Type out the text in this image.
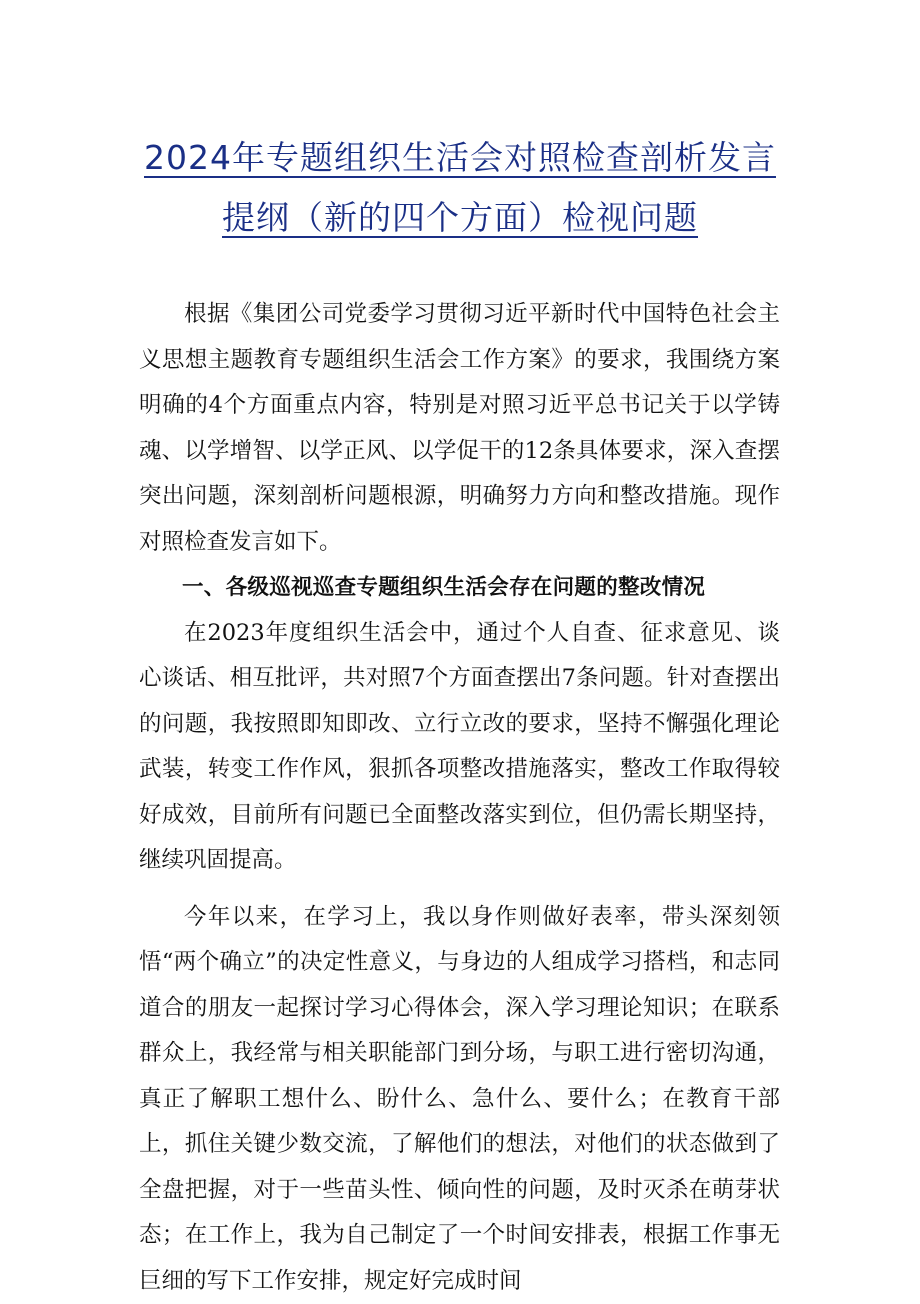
2024年专题组织生活会对照检查剖析发言
提纲（新的四个方面）检视问题

根据《集团公司党委学习贯彻习近平新时代中国特色社会主义思想主题教育专题组织生活会工作方案》的要求，我围绕方案明确的4个方面重点内容，特别是对照习近平总书记关于以学铸魂、以学增智、以学正风、以学促干的12条具体要求，深入查摆突出问题，深刻剖析问题根源，明确努力方向和整改措施。现作对照检查发言如下。

一、各级巡视巡查专题组织生活会存在问题的整改情况

在2023年度组织生活会中，通过个人自查、征求意见、谈心谈话、相互批评，共对照7个方面查摆出7条问题。针对查摆出的问题，我按照即知即改、立行立改的要求，坚持不懈强化理论武装，转变工作作风，狠抓各项整改措施落实，整改工作取得较好成效，目前所有问题已全面整改落实到位，但仍需长期坚持，继续巩固提高。

今年以来，在学习上，我以身作则做好表率，带头深刻领悟“两个确立”的决定性意义，与身边的人组成学习搭档，和志同道合的朋友一起探讨学习心得体会，深入学习理论知识；在联系群众上，我经常与相关职能部门到分场，与职工进行密切沟通，真正了解职工想什么、盼什么、急什么、要什么；在教育干部上，抓住关键少数交流，了解他们的想法，对他们的状态做到了全盘把握，对于一些苗头性、倾向性的问题，及时灭杀在萌芽状态；在工作上，我为自己制定了一个时间安排表，根据工作事无巨细的写下工作安排，规定好完成时间
